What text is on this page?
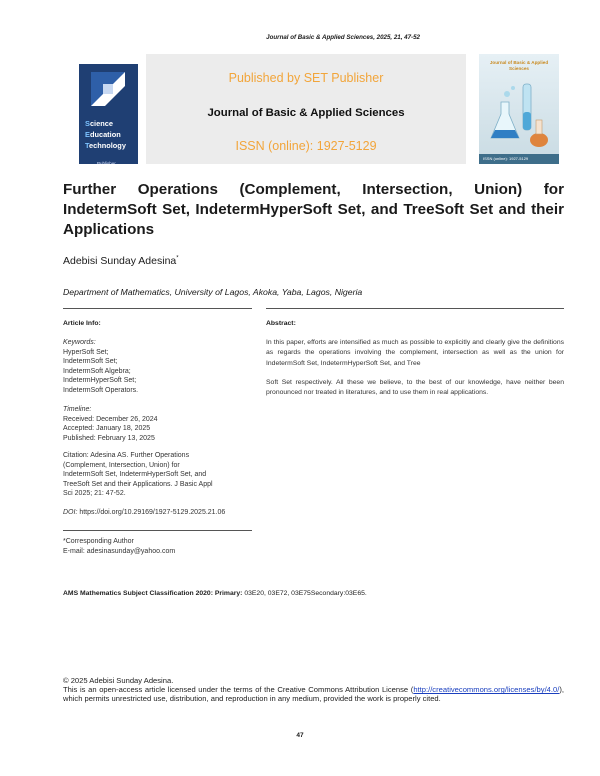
Journal of Basic & Applied Sciences, 2025, 21, 47-52
Science
Education
Technology
Publisher
Published by SET Publisher
Journal of Basic & Applied Sciences
ISSN (online): 1927-5129
Journal of Basic & Applied Sciences
ISSN (online): 1927-5129
Further Operations (Complement, Intersection, Union) for IndetermSoft Set, IndetermHyperSoft Set, and TreeSoft Set and their Applications
Adebisi Sunday Adesina*
Department of Mathematics, University of Lagos, Akoka, Yaba, Lagos, Nigeria
Article Info:
Keywords:
HyperSoft Set;
IndetermSoft Set;
IndetermSoft Algebra;
IndetermHyperSoft Set;
IndetermSoft Operators.
Timeline:
Received: December 26, 2024
Accepted: January 18, 2025
Published: February 13, 2025
Citation: Adesina AS. Further Operations (Complement, Intersection, Union) for IndetermSoft Set, IndetermHyperSoft Set, and TreeSoft Set and their Applications. J Basic Appl Sci 2025; 21: 47-52.
DOI: https://doi.org/10.29169/1927-5129.2025.21.06
*Corresponding Author
E-mail: adesinasunday@yahoo.com
Abstract:
In this paper, efforts are intensified as much as possible to explicitly and clearly give the definitions as regards the operations involving the complement, intersection as well as the union for IndetermSoft Set, IndetermHyperSoft Set, and Tree
Soft Set respectively. All these we believe, to the best of our knowledge, have neither been pronounced nor treated in literatures, and to use them in real applications.
AMS Mathematics Subject Classification 2020: Primary: 03E20, 03E72, 03E75Secondary:03E65.
© 2025 Adebisi Sunday Adesina.
This is an open-access article licensed under the terms of the Creative Commons Attribution License (http://creativecommons.org/licenses/by/4.0/), which permits unrestricted use, distribution, and reproduction in any medium, provided the work is properly cited.
47
